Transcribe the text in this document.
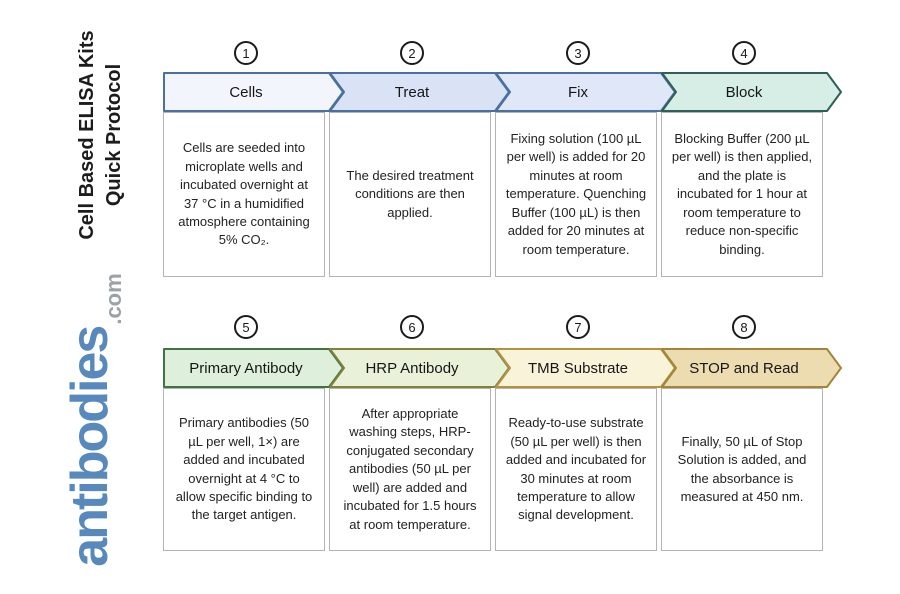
Cell Based ELISA Kits Quick Protocol
antibodies
.com
1
Cells

Cells are seeded into microplate wells and incubated overnight at 37 °C in a humidified atmosphere containing 5% CO₂.

2
Treat

The desired treatment conditions are then applied.

3
Fix

Fixing solution (100 µL per well) is added for 20 minutes at room temperature. Quenching Buffer (100 µL) is then added for 20 minutes at room temperature.

4
Block

Blocking Buffer (200 µL per well) is then applied, and the plate is incubated for 1 hour at room temperature to reduce non-specific binding.

5
Primary Antibody

Primary antibodies (50 µL per well, 1×) are added and incubated overnight at 4 °C to allow specific binding to the target antigen.

6
HRP Antibody

After appropriate washing steps, HRP-conjugated secondary antibodies (50 µL per well) are added and incubated for 1.5 hours at room temperature.

7
TMB Substrate

Ready-to-use substrate (50 µL per well) is then added and incubated for 30 minutes at room temperature to allow signal development.

8
STOP and Read

Finally, 50 µL of Stop Solution is added, and the absorbance is measured at 450 nm.
